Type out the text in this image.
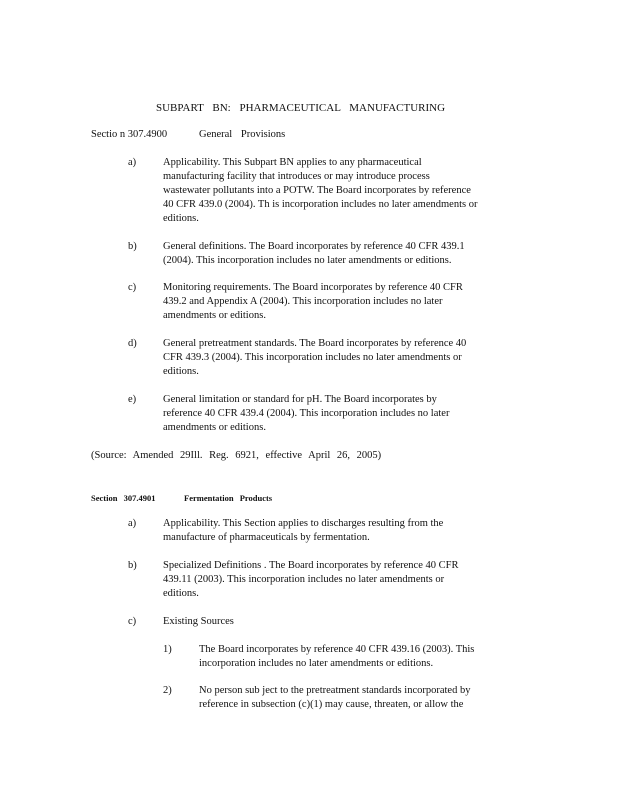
SUBPART BN: PHARMACEUTICAL MANUFACTURING
Sectio n 307.4900	General Provisions
a)	Applicability. This Subpart BN applies to any pharmaceutical
manufacturing facility that introduces or may introduce process
wastewater pollutants into a POTW. The Board incorporates by reference
40 CFR 439.0 (2004). Th is incorporation includes no later amendments or
editions.
b)	General definitions. The Board incorporates by reference 40 CFR 439.1
(2004). This incorporation includes no later amendments or editions.
c)	Monitoring requirements. The Board incorporates by reference 40 CFR
439.2 and Appendix A (2004). This incorporation includes no later
amendments or editions.
d)	General pretreatment standards. The Board incorporates by reference 40
CFR 439.3 (2004). This incorporation includes no later amendments or
editions.
e)	General limitation or standard for pH. The Board incorporates by
reference 40 CFR 439.4 (2004). This incorporation includes no later
amendments or editions.
(Source: Amended 29Ill. Reg. 6921, effective April 26, 2005)
Section 307.4901	Fermentation Products
a)	Applicability. This Section applies to discharges resulting from the
manufacture of pharmaceuticals by fermentation.
b)	Specialized Definitions . The Board incorporates by reference 40 CFR
439.11 (2003). This incorporation includes no later amendments or
editions.
c)	Existing Sources
1)	The Board incorporates by reference 40 CFR 439.16 (2003). This
incorporation includes no later amendments or editions.
2)	No person sub ject to the pretreatment standards incorporated by
reference in subsection (c)(1) may cause, threaten, or allow the
